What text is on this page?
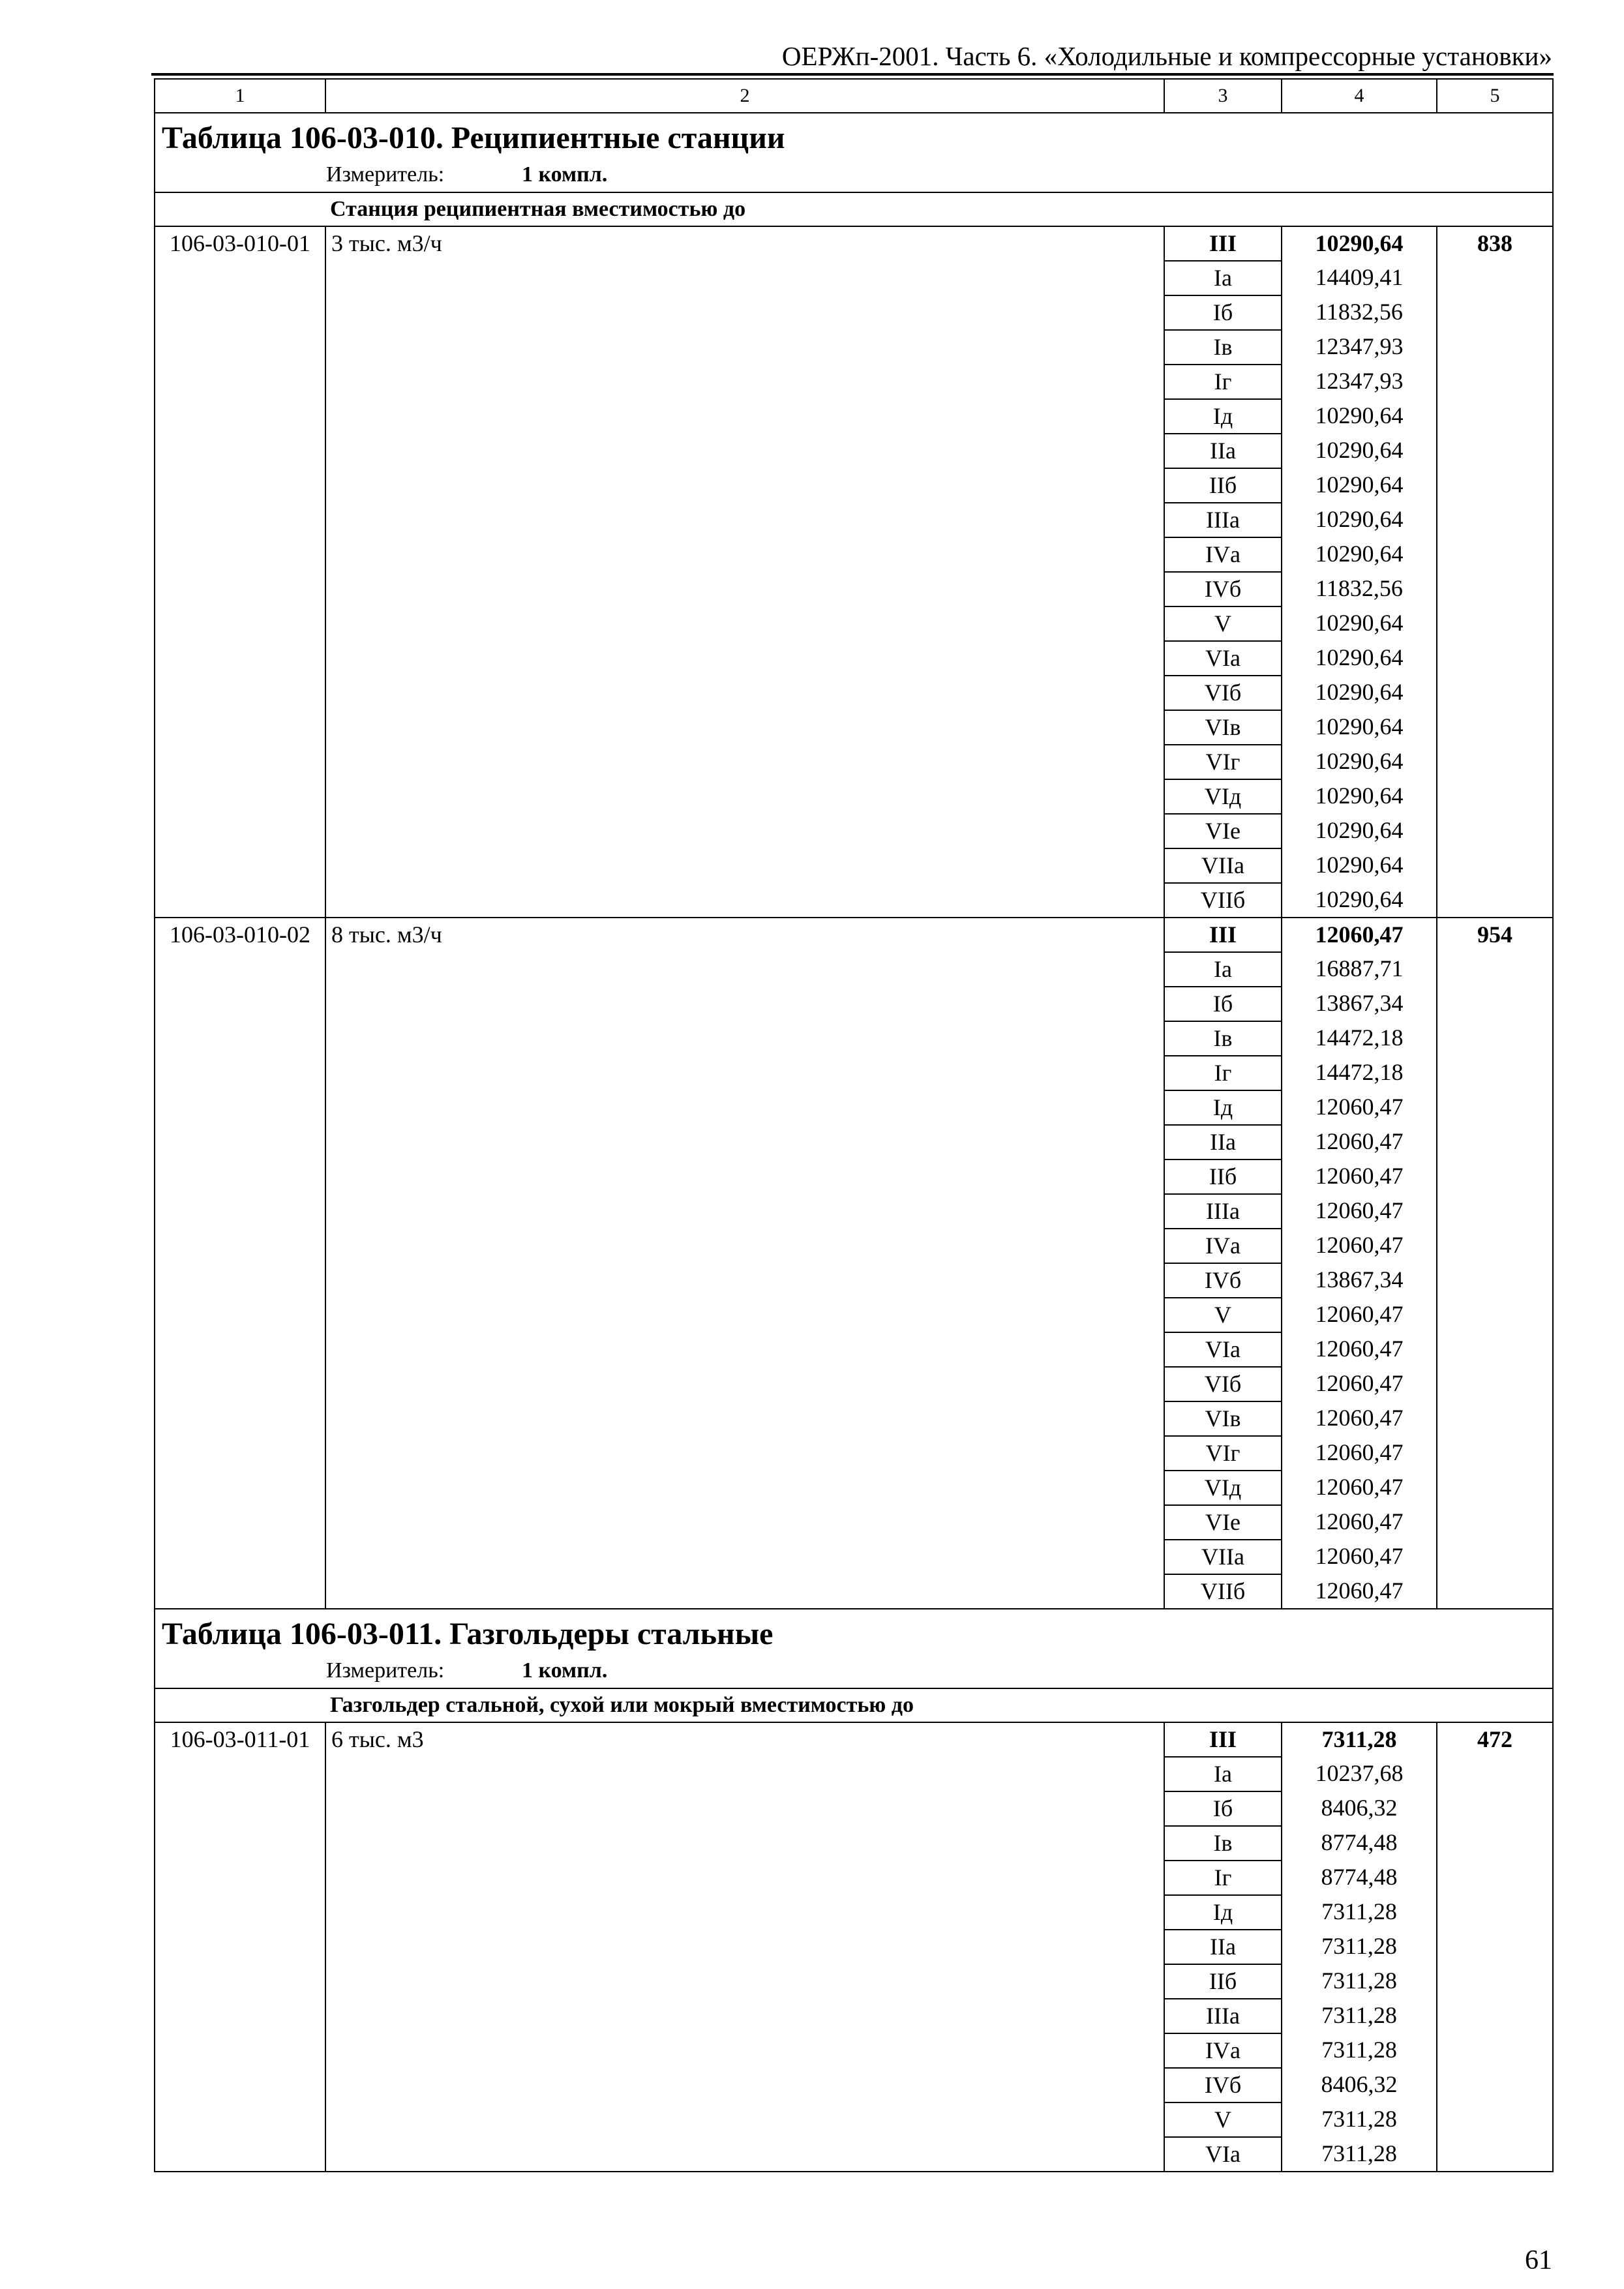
ОЕРЖп-2001. Часть 6. «Холодильные и компрессорные установки»
1	2	3	4	5
Таблица 106-03-010. Реципиентные станции				
Измеритель: 1 компл.				
Станция реципиентная вместимостью до				
106-03-010-01	3 тыс. м3/ч	III	10290,64	838
		Iа	14409,41	
		Iб	11832,56	
		Iв	12347,93	
		Iг	12347,93	
		Iд	10290,64	
		IIа	10290,64	
		IIб	10290,64	
		IIIа	10290,64	
		IVа	10290,64	
		IVб	11832,56	
		V	10290,64	
		VIа	10290,64	
		VIб	10290,64	
		VIв	10290,64	
		VIг	10290,64	
		VIд	10290,64	
		VIе	10290,64	
		VIIа	10290,64	
		VIIб	10290,64	
106-03-010-02	8 тыс. м3/ч	III	12060,47	954
		Iа	16887,71	
		Iб	13867,34	
		Iв	14472,18	
		Iг	14472,18	
		Iд	12060,47	
		IIа	12060,47	
		IIб	12060,47	
		IIIа	12060,47	
		IVа	12060,47	
		IVб	13867,34	
		V	12060,47	
		VIа	12060,47	
		VIб	12060,47	
		VIв	12060,47	
		VIг	12060,47	
		VIд	12060,47	
		VIе	12060,47	
		VIIа	12060,47	
		VIIб	12060,47	
Таблица 106-03-011. Газгольдеры стальные				
Измеритель: 1 компл.				
Газгольдер стальной, сухой или мокрый вместимостью до				
106-03-011-01	6 тыс. м3	III	7311,28	472
		Iа	10237,68	
		Iб	8406,32	
		Iв	8774,48	
		Iг	8774,48	
		Iд	7311,28	
		IIа	7311,28	
		IIб	7311,28	
		IIIа	7311,28	
		IVа	7311,28	
		IVб	8406,32	
		V	7311,28	
		VIа	7311,28	
61
